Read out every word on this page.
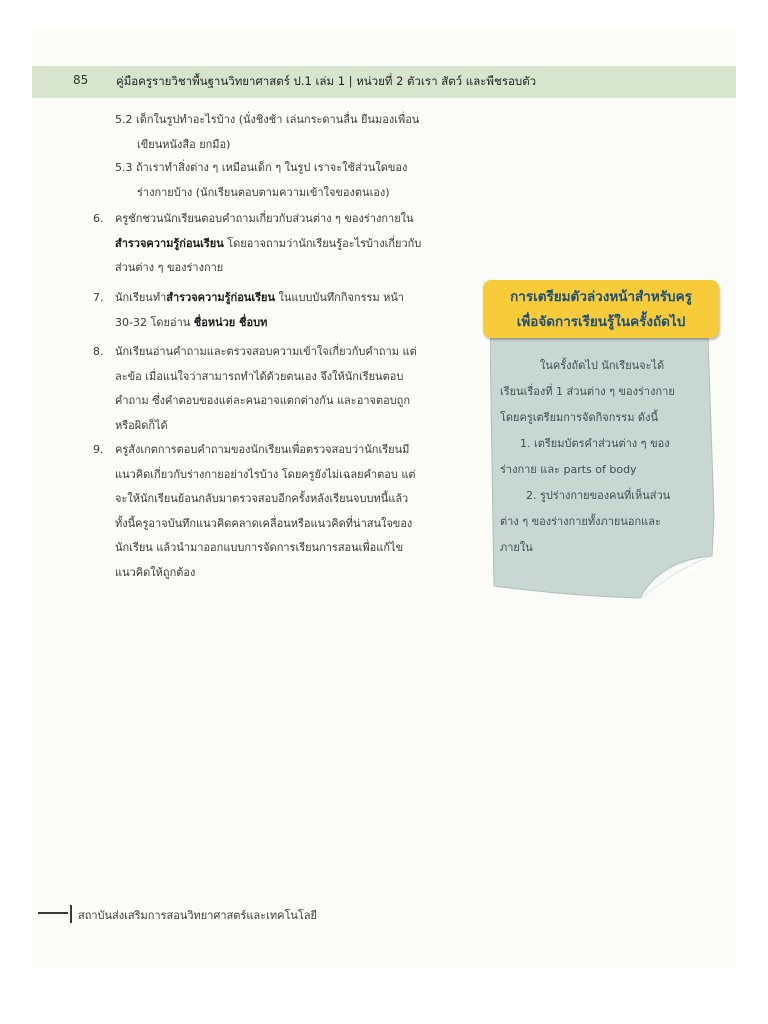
85 คู่มือครูรายวิชาพื้นฐานวิทยาศาสตร์ ป.1 เล่ม 1 | หน่วยที่ 2 ตัวเรา สัตว์ และพืชรอบตัว
5.2 เด็กในรูปทำอะไรบ้าง (นั่งชิงช้า เล่นกระดานลื่น ยืนมองเพื่อน
เขียนหนังสือ ยกมือ)
5.3 ถ้าเราทำสิ่งต่าง ๆ เหมือนเด็ก ๆ ในรูป เราจะใช้ส่วนใดของ
ร่างกายบ้าง (นักเรียนตอบตามความเข้าใจของตนเอง)
6. ครูชักชวนนักเรียนตอบคำถามเกี่ยวกับส่วนต่าง ๆ ของร่างกายใน
สำรวจความรู้ก่อนเรียน โดยอาจถามว่านักเรียนรู้อะไรบ้างเกี่ยวกับ
ส่วนต่าง ๆ ของร่างกาย
7. นักเรียนทำสำรวจความรู้ก่อนเรียน ในแบบบันทึกกิจกรรม หน้า
30-32 โดยอ่าน ชื่อหน่วย ชื่อบท
8. นักเรียนอ่านคำถามและตรวจสอบความเข้าใจเกี่ยวกับคำถาม แต่
ละข้อ เมื่อแน่ใจว่าสามารถทำได้ด้วยตนเอง จึงให้นักเรียนตอบ
คำถาม ซึ่งคำตอบของแต่ละคนอาจแตกต่างกัน และอาจตอบถูก
หรือผิดก็ได้
9. ครูสังเกตการตอบคำถามของนักเรียนเพื่อตรวจสอบว่านักเรียนมี
แนวคิดเกี่ยวกับร่างกายอย่างไรบ้าง โดยครูยังไม่เฉลยคำตอบ แต่
จะให้นักเรียนย้อนกลับมาตรวจสอบอีกครั้งหลังเรียนจบบทนี้แล้ว
ทั้งนี้ครูอาจบันทึกแนวคิดคลาดเคลื่อนหรือแนวคิดที่น่าสนใจของ
นักเรียน แล้วนำมาออกแบบการจัดการเรียนการสอนเพื่อแก้ไข
แนวคิดให้ถูกต้อง
การเตรียมตัวล่วงหน้าสำหรับครู
เพื่อจัดการเรียนรู้ในครั้งถัดไป
ในครั้งถัดไป นักเรียนจะได้
เรียนเรื่องที่ 1 ส่วนต่าง ๆ ของร่างกาย
โดยครูเตรียมการจัดกิจกรรม ดังนี้
1. เตรียมบัตรคำส่วนต่าง ๆ ของ
ร่างกาย และ parts of body
2. รูปร่างกายของคนที่เห็นส่วน
ต่าง ๆ ของร่างกายทั้งภายนอกและ
ภายใน
สถาบันส่งเสริมการสอนวิทยาศาสตร์และเทคโนโลยี
